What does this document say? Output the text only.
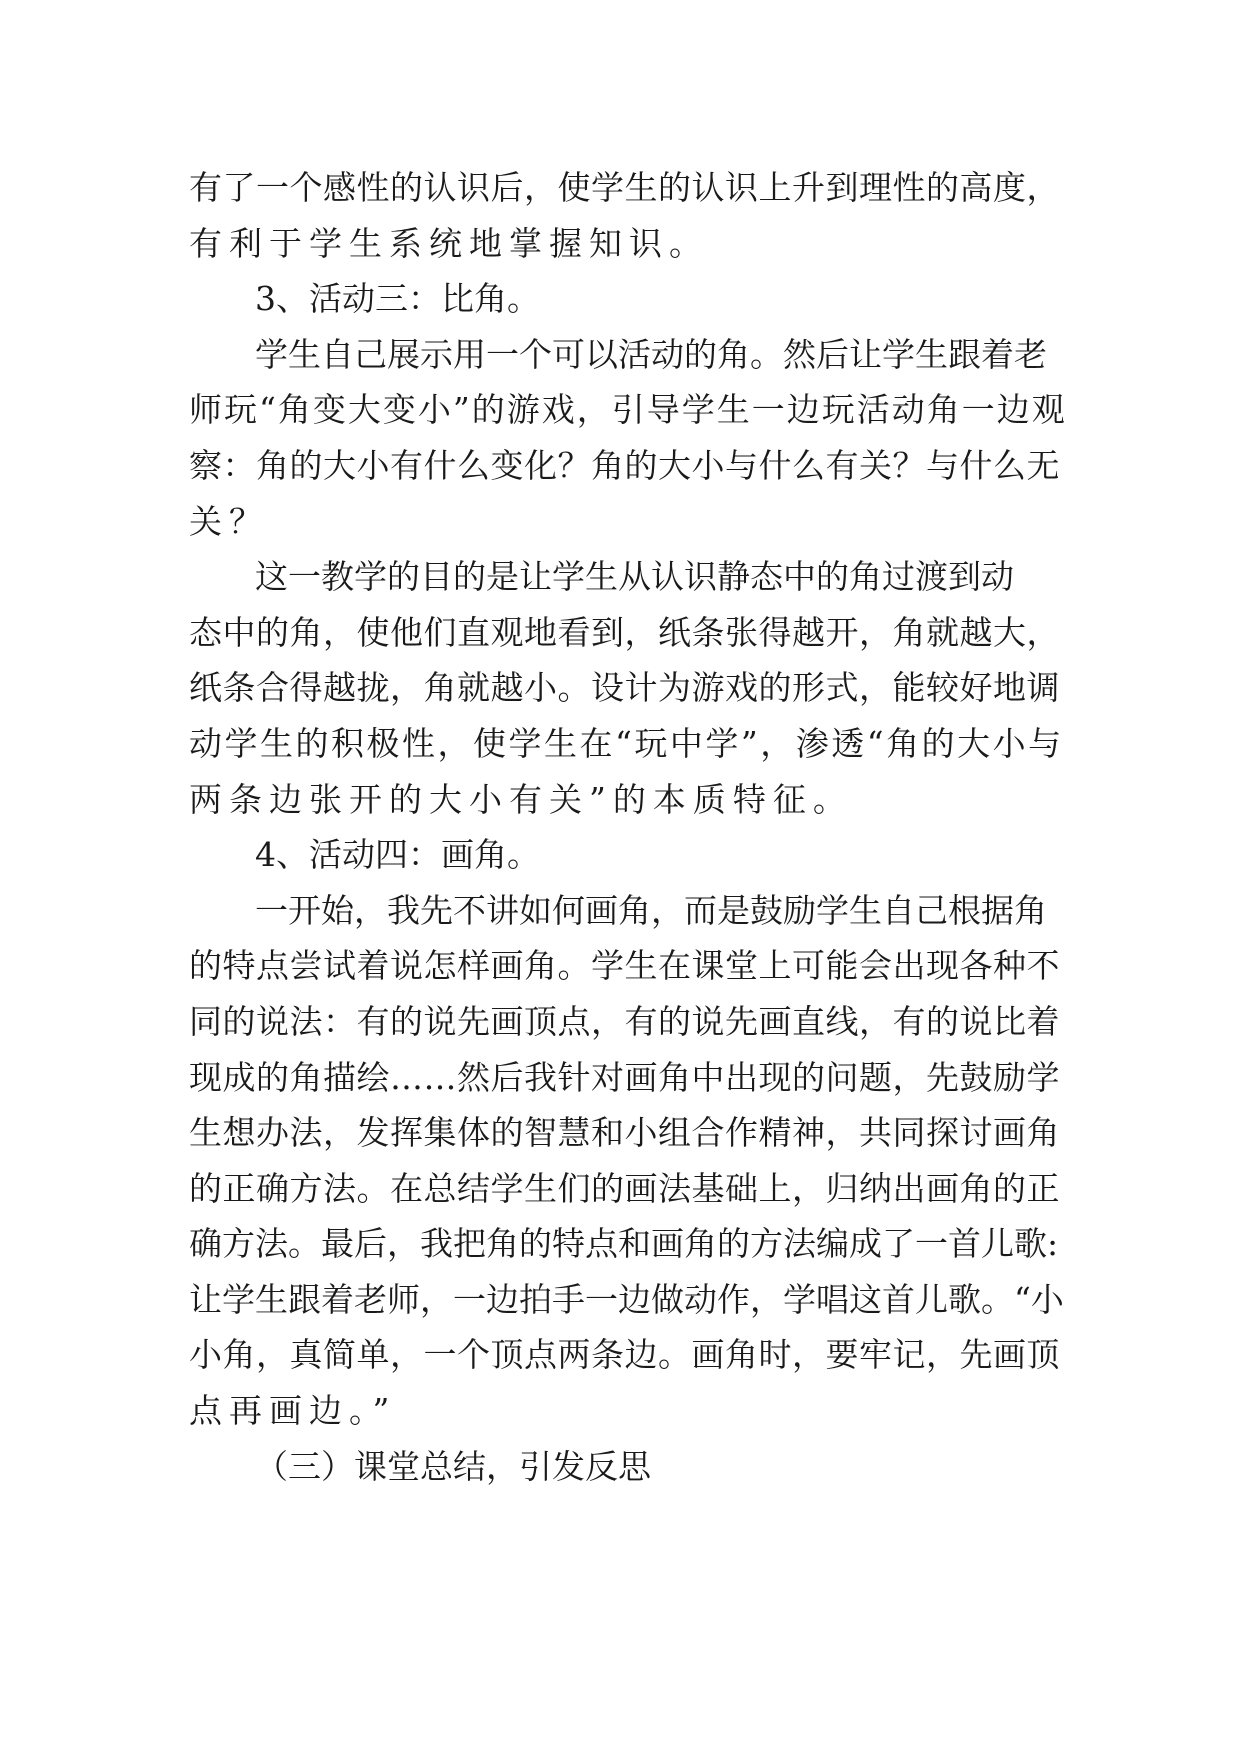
有了一个感性的认识后，使学生的认识上升到理性的高度，
有利于学生系统地掌握知识。
3、活动三：比角。
学生自己展示用一个可以活动的角。然后让学生跟着老
师玩“角变大变小”的游戏，引导学生一边玩活动角一边观
察：角的大小有什么变化？角的大小与什么有关？与什么无
关？
这一教学的目的是让学生从认识静态中的角过渡到动
态中的角，使他们直观地看到，纸条张得越开，角就越大，
纸条合得越拢，角就越小。设计为游戏的形式，能较好地调
动学生的积极性，使学生在“玩中学”，渗透“角的大小与
两条边张开的大小有关”的本质特征。
4、活动四：画角。
一开始，我先不讲如何画角，而是鼓励学生自己根据角
的特点尝试着说怎样画角。学生在课堂上可能会出现各种不
同的说法：有的说先画顶点，有的说先画直线，有的说比着
现成的角描绘……然后我针对画角中出现的问题，先鼓励学
生想办法，发挥集体的智慧和小组合作精神，共同探讨画角
的正确方法。在总结学生们的画法基础上，归纳出画角的正
确方法。最后，我把角的特点和画角的方法编成了一首儿歌:
让学生跟着老师，一边拍手一边做动作，学唱这首儿歌。“小
小角，真简单，一个顶点两条边。画角时，要牢记，先画顶
点再画边。”
（三）课堂总结，引发反思
